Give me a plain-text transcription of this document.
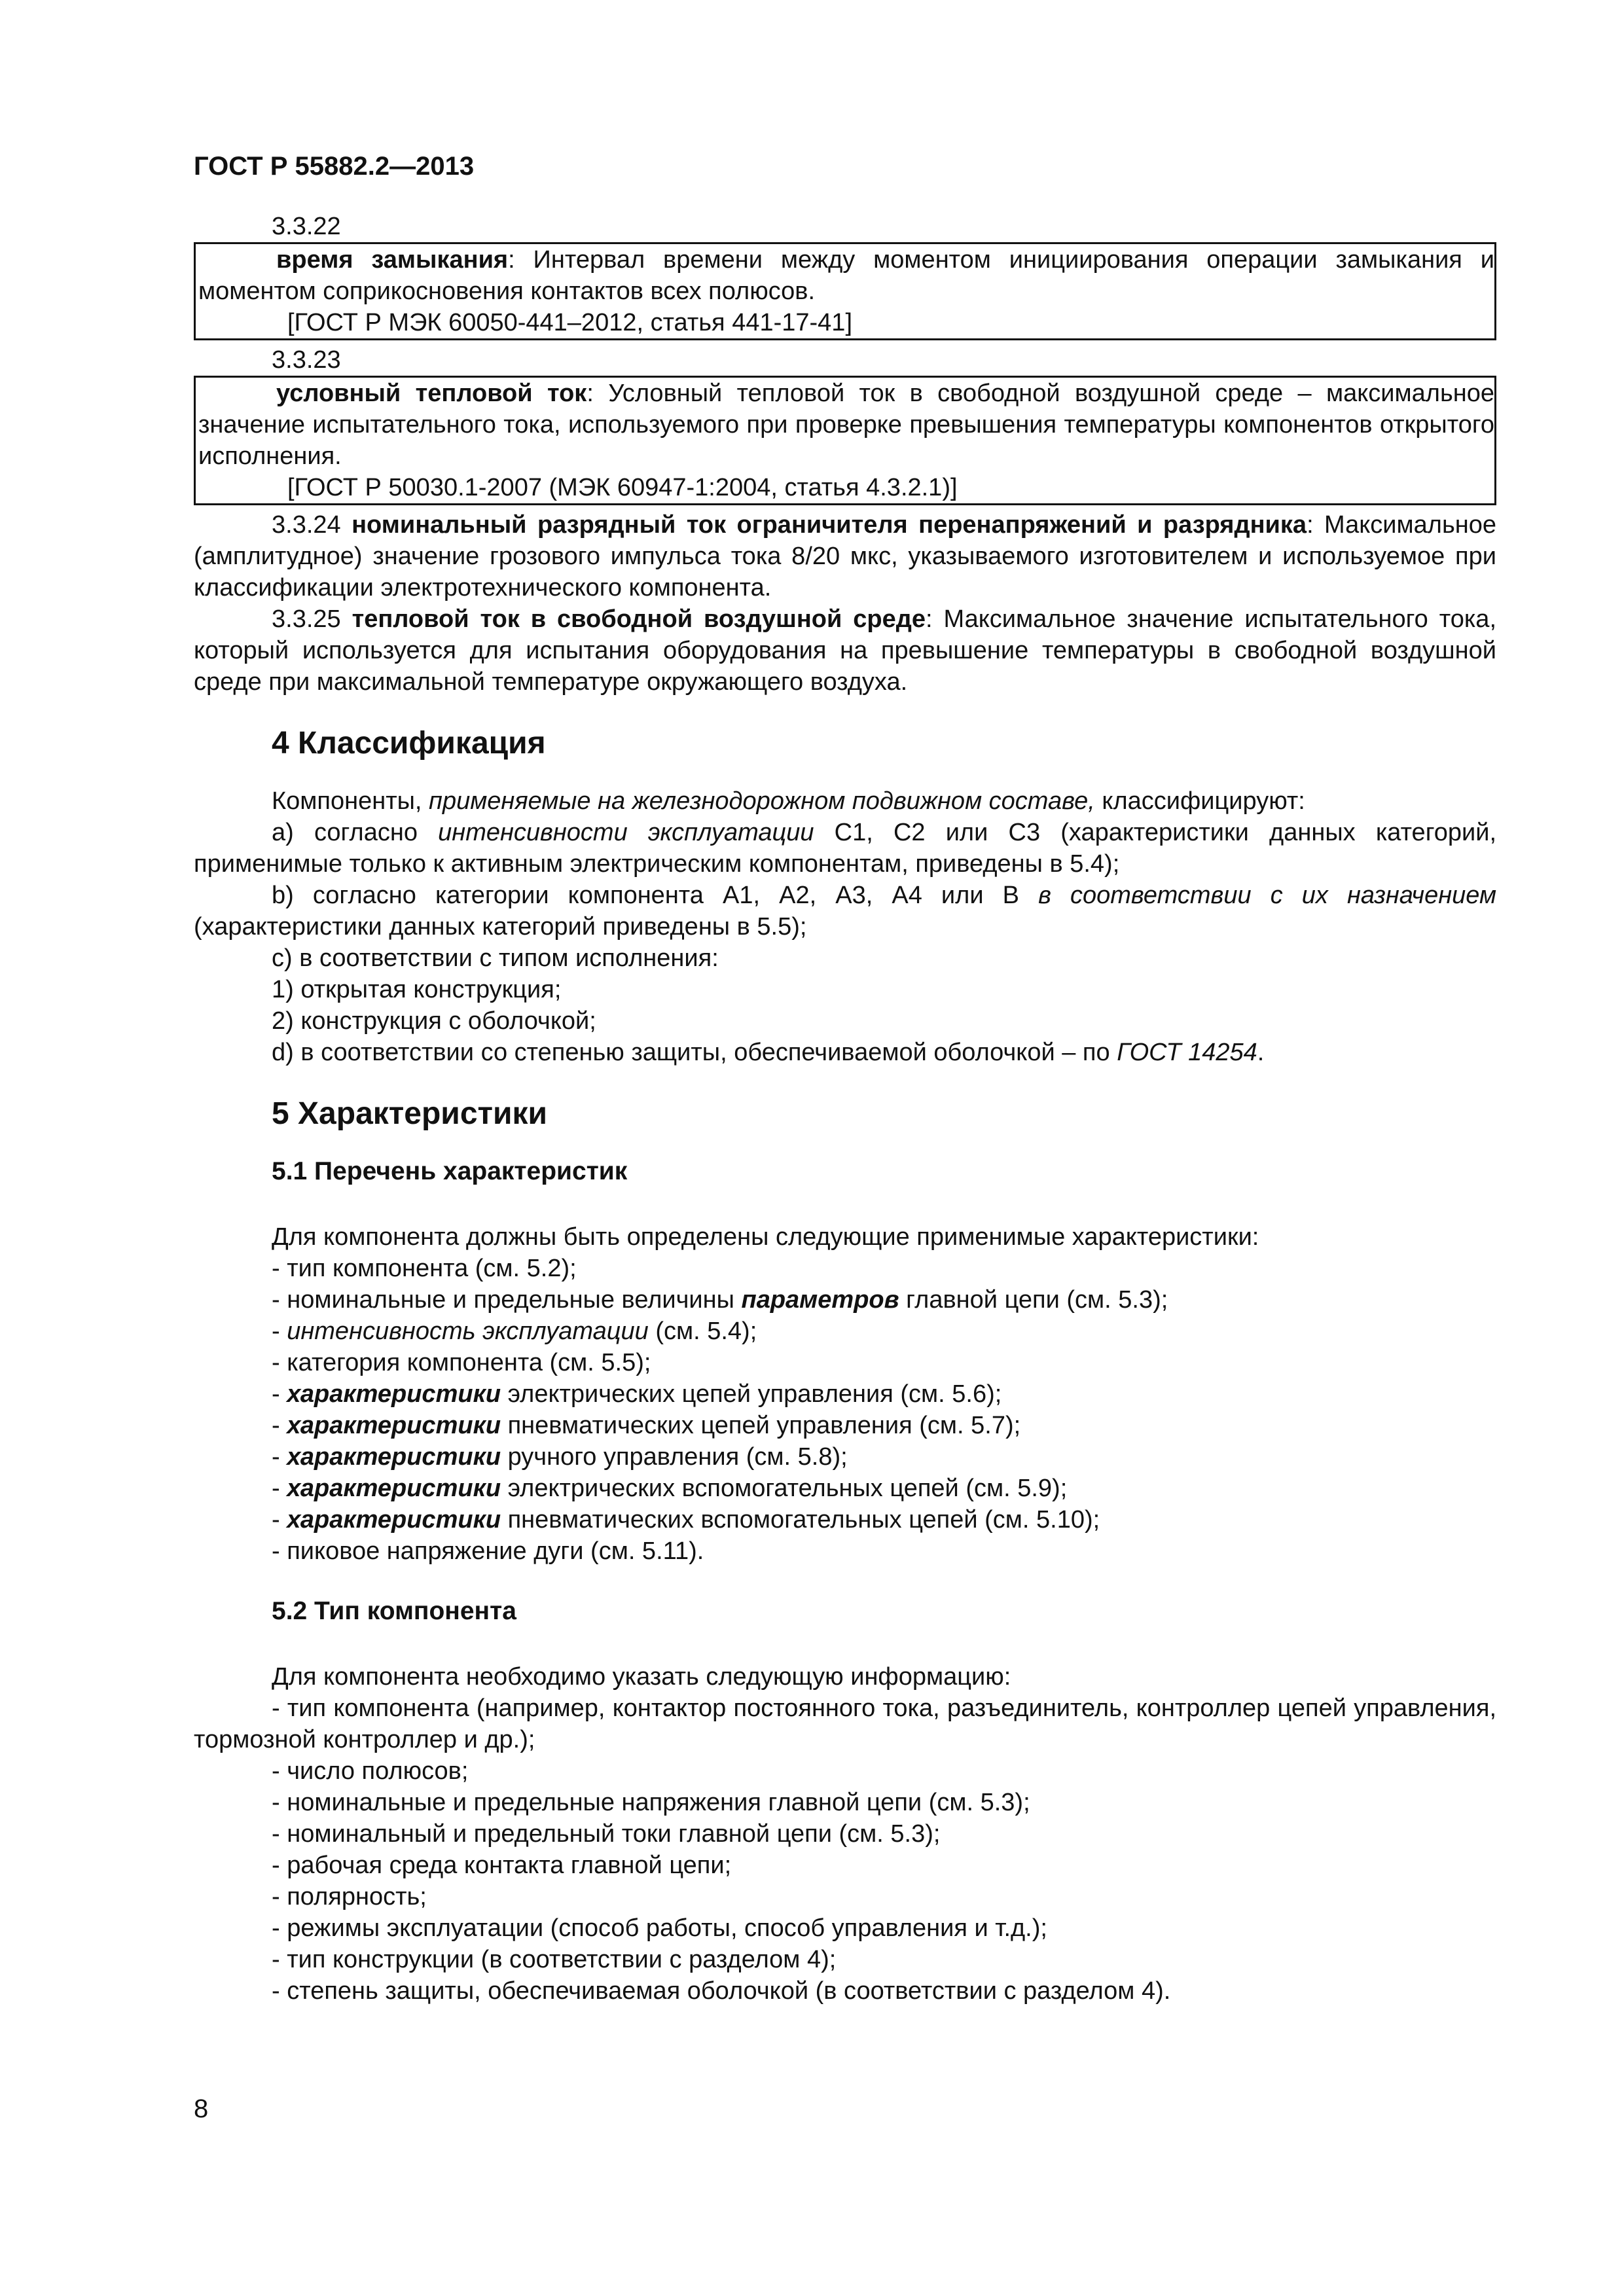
ГОСТ Р 55882.2—2013
3.3.22

время замыкания: Интервал времени между моментом инициирования операции замыкания и моментом соприкосновения контактов всех полюсов.

[ГОСТ Р МЭК 60050-441–2012, статья 441-17-41]

3.3.23

условный тепловой ток: Условный тепловой ток в свободной воздушной среде – максимальное значение испытательного тока, используемого при проверке превышения температуры компонентов открытого исполнения.

[ГОСТ Р 50030.1-2007 (МЭК 60947-1:2004, статья 4.3.2.1)]

3.3.24 номинальный разрядный ток ограничителя перенапряжений и разрядника: Максимальное (амплитудное) значение грозового импульса тока 8/20 мкс, указываемого изготовителем и используемое при классификации электротехнического компонента.

3.3.25 тепловой ток в свободной воздушной среде: Максимальное значение испытательного тока, который используется для испытания оборудования на превышение температуры в свободной воздушной среде при максимальной температуре окружающего воздуха.

4 Классификация

Компоненты, применяемые на железнодорожном подвижном составе, классифицируют:

а) согласно интенсивности эксплуатации С1, С2 или С3 (характеристики данных категорий, применимые только к активным электрическим компонентам, приведены в 5.4);

b) согласно категории компонента А1, А2, А3, А4 или В в соответствии с их назначением (характеристики данных категорий приведены в 5.5);

c) в соответствии с типом исполнения:

1) открытая конструкция;

2) конструкция с оболочкой;

d) в соответствии со степенью защиты, обеспечиваемой оболочкой – по ГОСТ 14254.

5 Характеристики
5.1 Перечень характеристик

Для компонента должны быть определены следующие применимые характеристики:

- тип компонента (см. 5.2);

- номинальные и предельные величины параметров главной цепи (см. 5.3);

- интенсивность эксплуатации (см. 5.4);

- категория компонента (см. 5.5);

- характеристики электрических цепей управления (см. 5.6);

- характеристики пневматических цепей управления (см. 5.7);

- характеристики ручного управления (см. 5.8);

- характеристики электрических вспомогательных цепей (см. 5.9);

- характеристики пневматических вспомогательных цепей (см. 5.10);

- пиковое напряжение дуги (см. 5.11).

5.2 Тип компонента

Для компонента необходимо указать следующую информацию:

- тип компонента (например, контактор постоянного тока, разъединитель, контроллер цепей управления, тормозной контроллер и др.);

- число полюсов;

- номинальные и предельные напряжения главной цепи (см. 5.3);

- номинальный и предельный токи главной цепи (см. 5.3);

- рабочая среда контакта главной цепи;

- полярность;

- режимы эксплуатации (способ работы, способ управления и т.д.);

- тип конструкции (в соответствии с разделом 4);

- степень защиты, обеспечиваемая оболочкой (в соответствии с разделом 4).

8
